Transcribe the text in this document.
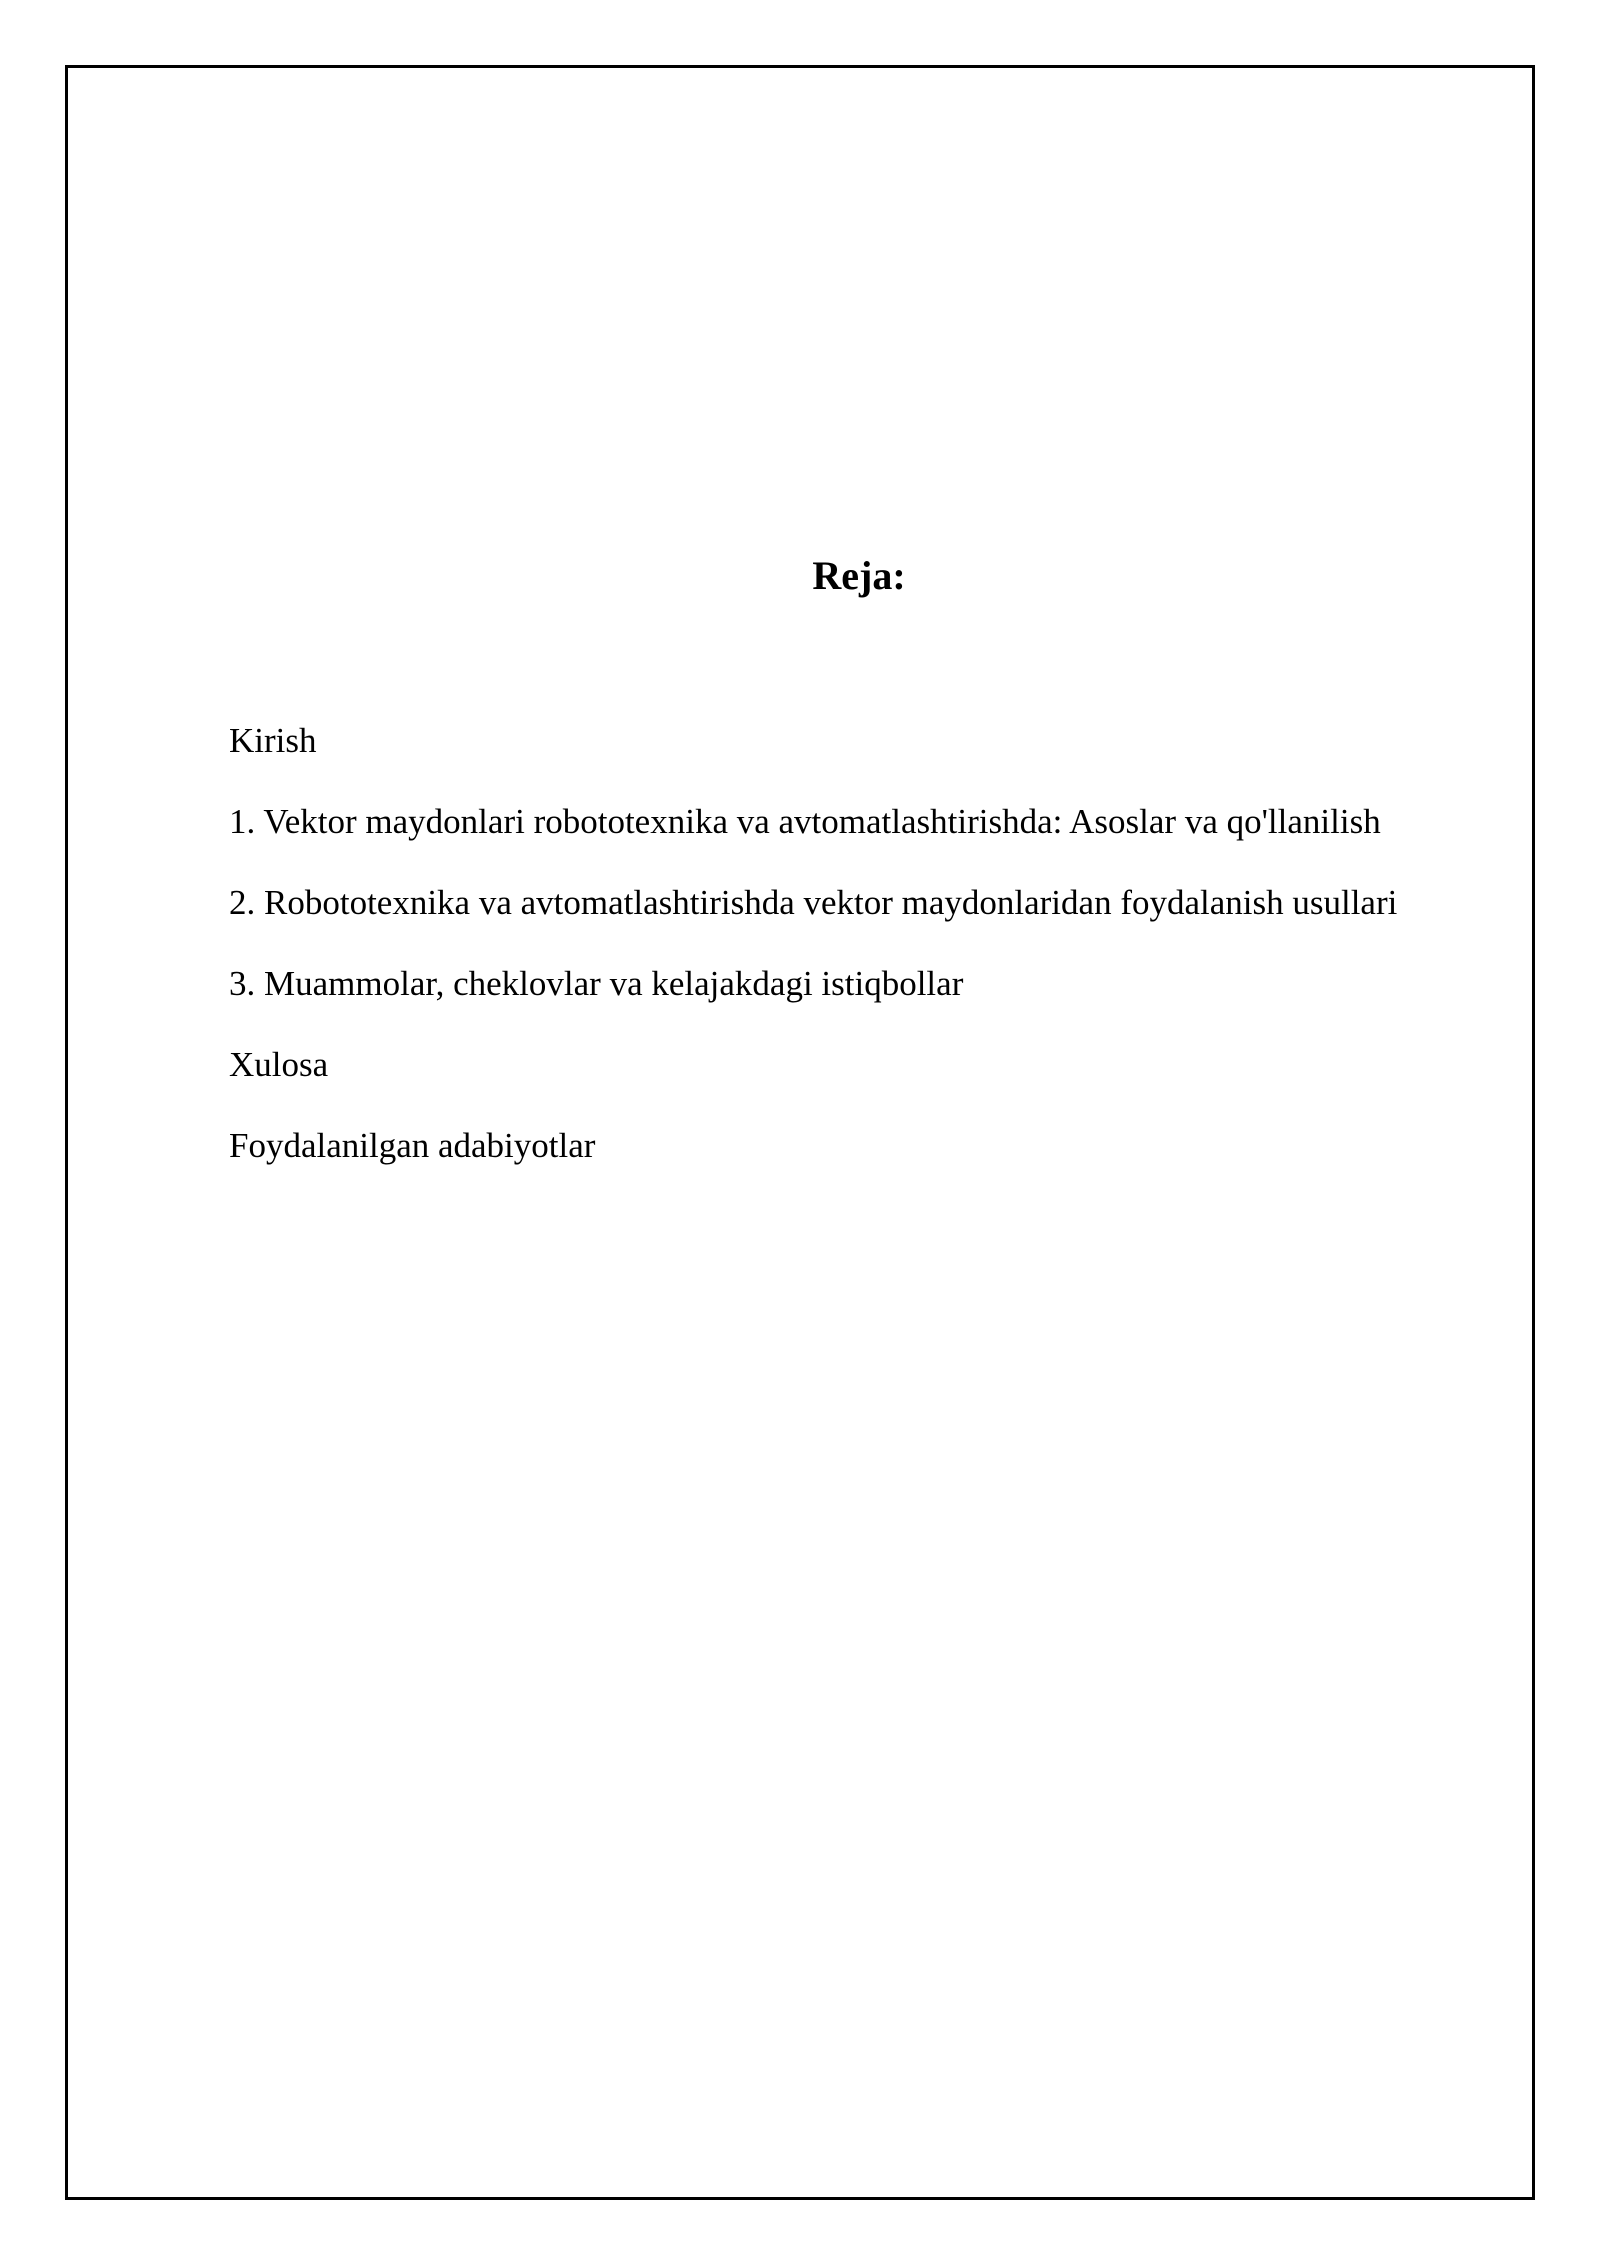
Reja:
Kirish
1. Vektor maydonlari robototexnika va avtomatlashtirishda: Asoslar va qo'llanilish
2. Robototexnika va avtomatlashtirishda vektor maydonlaridan foydalanish usullari
3. Muammolar, cheklovlar va kelajakdagi istiqbollar
Xulosa
Foydalanilgan adabiyotlar
